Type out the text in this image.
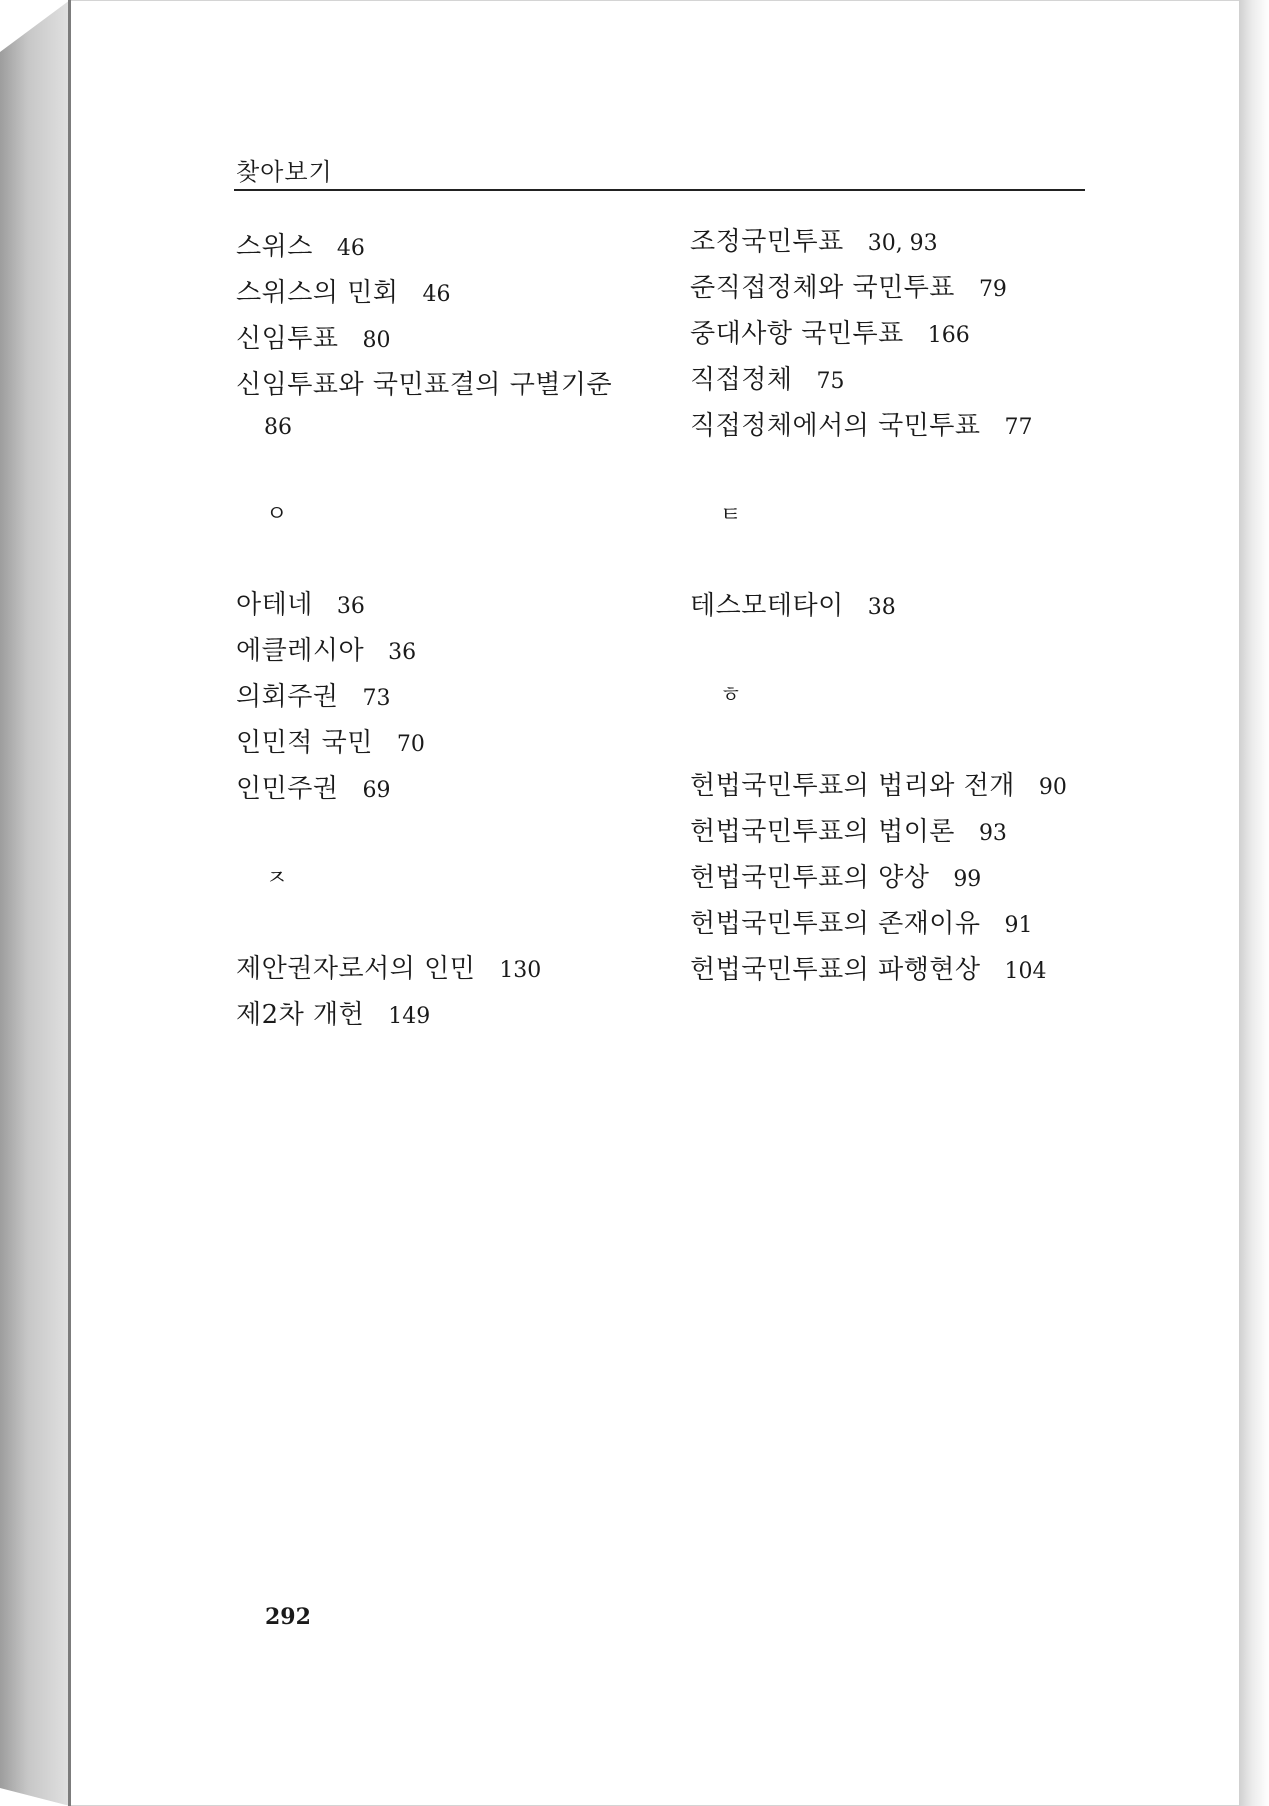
찾아보기
스위스 46
스위스의 민회 46
신임투표 80
신임투표와 국민표결의 구별기준
86
ㅇ
아테네 36
에클레시아 36
의회주권 73
인민적 국민 70
인민주권 69
ㅈ
제안권자로서의 인민 130
제2차 개헌 149
조정국민투표 30, 93
준직접정체와 국민투표 79
중대사항 국민투표 166
직접정체 75
직접정체에서의 국민투표 77
ㅌ
테스모테타이 38
ㅎ
헌법국민투표의 법리와 전개 90
헌법국민투표의 법이론 93
헌법국민투표의 양상 99
헌법국민투표의 존재이유 91
헌법국민투표의 파행현상 104
292
